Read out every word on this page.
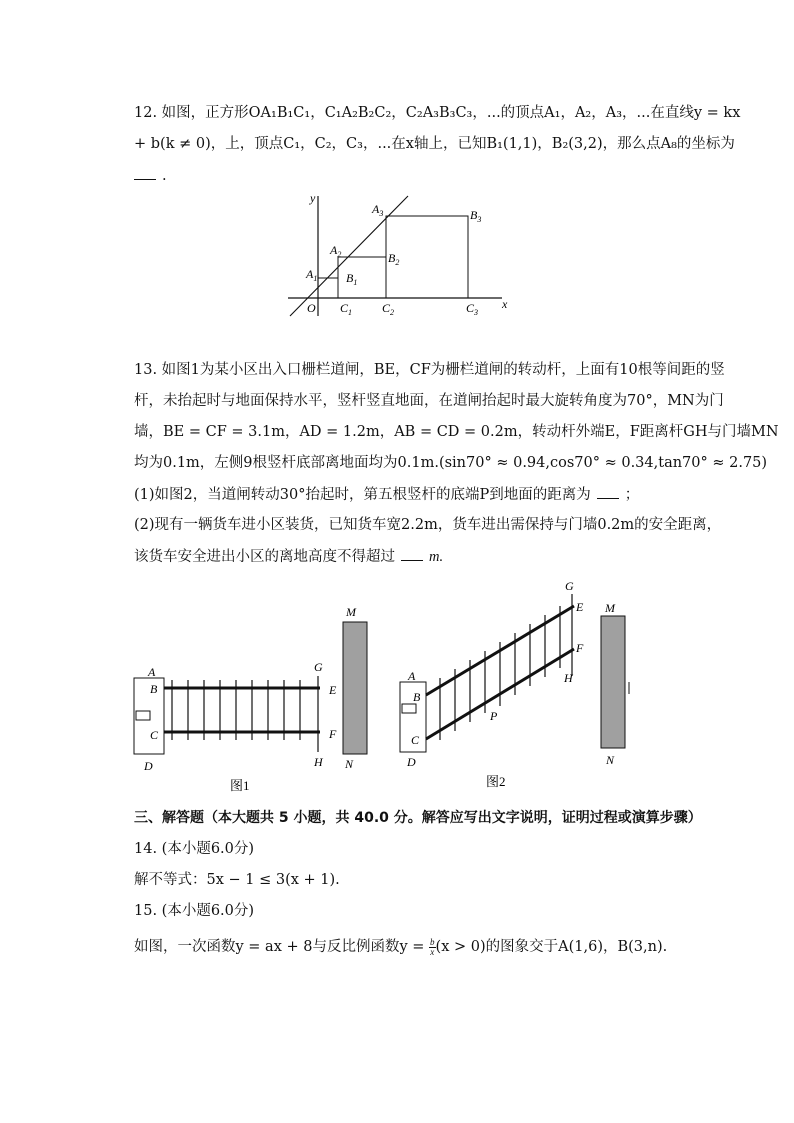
12. 如图，正方形OA₁B₁C₁，C₁A₂B₂C₂，C₂A₃B₃C₃，...的顶点A₁，A₂，A₃，...在直线y = kx
+ b(k ≠ 0)，上，顶点C₁，C₂，C₃，...在x轴上，已知B₁(1,1)，B₂(3,2)，那么点A₈的坐标为
.
y
x
O
$A_1$
$A_2$
$A_3$
$B_1$
$B_2$
$B_3$
$C_1$ $C_2$	$C_3$
13. 如图1为某小区出入口栅栏道闸，BE，CF为栅栏道闸的转动杆，上面有10根等间距的竖
杆，未抬起时与地面保持水平，竖杆竖直地面，在道闸抬起时最大旋转角度为70°，MN为门
墙，BE = CF = 3.1m，AD = 1.2m，AB = CD = 0.2m，转动杆外端E，F距离杆GH与门墙MN
均为0.1m，左侧9根竖杆底部离地面均为0.1m.(sin70° ≈ 0.94,cos70° ≈ 0.34,tan70° ≈ 2.75)
(1)如图2，当道闸转动30°抬起时，第五根竖杆的底端P到地面的距离为 ；
(2)现有一辆货车进小区装货，已知货车宽2.2m，货车进出需保持与门墙0.2m的安全距离，
该货车安全进出小区的离地高度不得超过 m.
A
B
C
D
E
F
G
H
M
N
图1
A
B
C
D
E
F
G
H
P
M
N
图2
三、解答题（本大题共 5 小题，共 40.0 分。解答应写出文字说明，证明过程或演算步骤）
14. (本小题6.0分)
解不等式：5x − 1 ≤ 3(x + 1).
15. (本小题6.0分)
如图，一次函数y = ax + 8与反比例函数$y = \frac{b}{x} (x > 0)$的图象交于A(1,6)，B(3,n).
